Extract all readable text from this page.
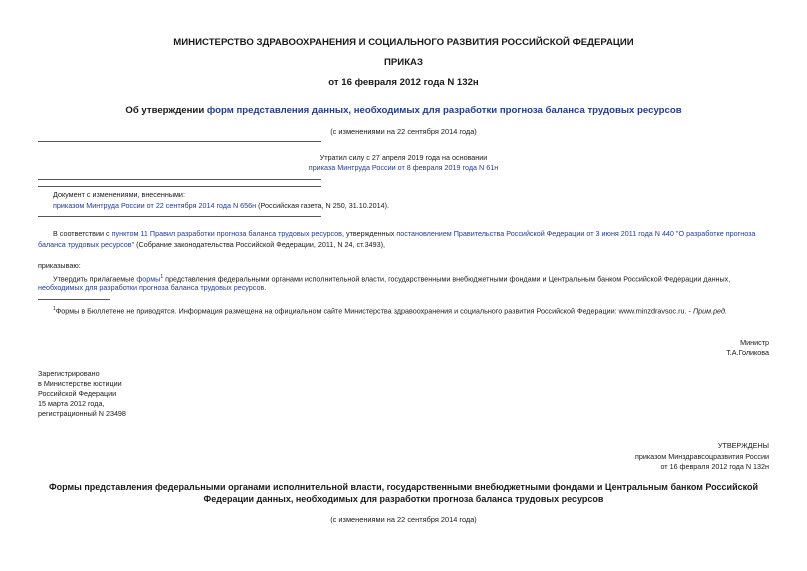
МИНИСТЕРСТВО ЗДРАВООХРАНЕНИЯ И СОЦИАЛЬНОГО РАЗВИТИЯ РОССИЙСКОЙ ФЕДЕРАЦИИ
ПРИКАЗ
от 16 февраля 2012 года N 132н
Об утверждении форм представления данных, необходимых для разработки прогноза баланса трудовых ресурсов
(с изменениями на 22 сентября 2014 года)
Утратил силу с 27 апреля 2019 года на основании
приказа Минтруда России от 8 февраля 2019 года N 61н
Документ с изменениями, внесенными:
приказом Минтруда России от 22 сентября 2014 года N 656н (Российская газета, N 250, 31.10.2014).
В соответствии с пунктом 11 Правил разработки прогноза баланса трудовых ресурсов, утвержденных постановлением Правительства Российской Федерации от 3 июня 2011 года N 440 "О разработке прогноза
баланса трудовых ресурсов" (Собрание законодательства Российской Федерации, 2011, N 24, ст.3493),
приказываю:
Утвердить прилагаемые формы$^1$ представления федеральными органами исполнительной власти, государственными внебюджетными фондами и Центральным банком Российской Федерации данных,
необходимых для разработки прогноза баланса трудовых ресурсов.
$^1$Формы в Бюллетене не приводятся. Информация размещена на официальном сайте Министерства здравоохранения и социального развития Российской Федерации: www.minzdravsoc.ru. - Прим.ред.
Министр
Т.А.Голикова
Зарегистрировано
в Министерстве юстиции
Российской Федерации
15 марта 2012 года,
регистрационный N 23498
УТВЕРЖДЕНЫ
приказом Минздравсоцразвития России
от 16 февраля 2012 года N 132н
Формы представления федеральными органами исполнительной власти, государственными внебюджетными фондами и Центральным банком Российской
Федерации данных, необходимых для разработки прогноза баланса трудовых ресурсов
(с изменениями на 22 сентября 2014 года)
